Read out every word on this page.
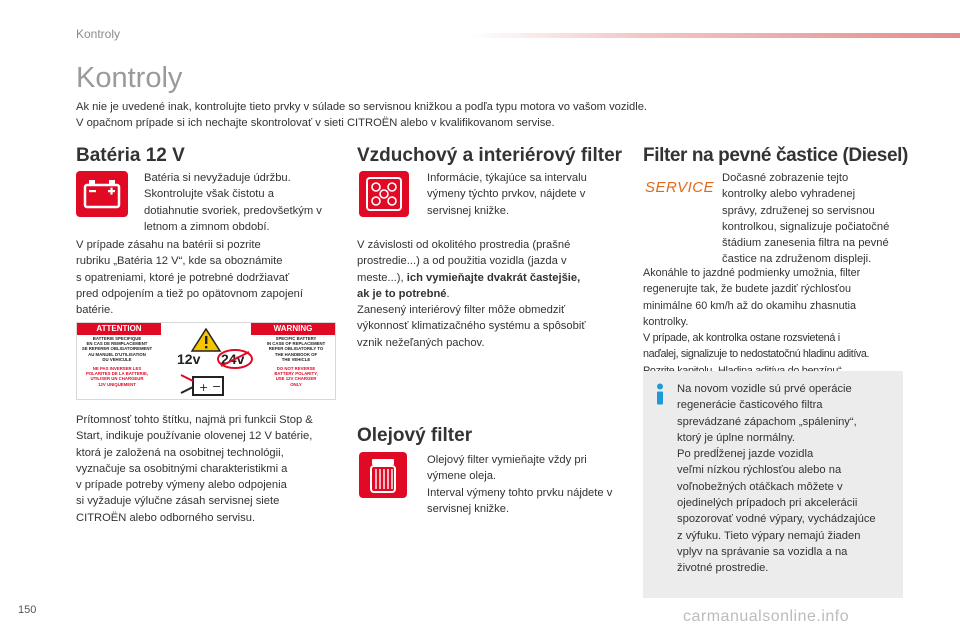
Kontroly
Kontroly
Ak nie je uvedené inak, kontrolujte tieto prvky v súlade so servisnou knižkou a podľa typu motora vo vašom vozidle.
V opačnom prípade si ich nechajte skontrolovať v sieti CITROËN alebo v kvalifikovanom servise.
Batéria 12 V
Batéria si nevyžaduje údržbu.
Skontrolujte však čistotu a
dotiahnutie svoriek, predovšetkým v
letnom a zimnom období.
V prípade zásahu na batérii si pozrite
rubriku „Batéria 12 V“, kde sa oboznámite
s opatreniami, ktoré je potrebné dodržiavať
pred odpojením a tiež po opätovnom zapojení
batérie.
ATTENTION	WARNING
BATTERIE SPECIFIQUE
EN CAS DE REMPLACEMENT
SE REFERER OBLIGATOIREMENT
AU MANUEL D'UTILISATION
DU VEHICULE
NE PAS INVERSER LES
POLARITES DE LA BATTERIE,
UTILISER UN CHARGEUR
12V UNIQUEMENT
SPECIFIC BATTERY
IN CASE OF REPLACEMENT
REFER OBLIGATORILY TO
THE HANDBOOK OF
THE VEHICLE
DO NOT REVERSE
BATTERY POLARITY,
USE 12V CHARGER
ONLY
12v 24v
+ −
Prítomnosť tohto štítku, najmä pri funkcii Stop &
Start, indikuje používanie olovenej 12 V batérie,
ktorá je založená na osobitnej technológii,
vyznačuje sa osobitnými charakteristikmi a
v prípade potreby výmeny alebo odpojenia
si vyžaduje výlučne zásah servisnej siete
CITROËN alebo odborného servisu.
Vzduchový a interiérový filter
Informácie, týkajúce sa intervalu
výmeny týchto prvkov, nájdete v
servisnej knižke.
V závislosti od okolitého prostredia (prašné
prostredie...) a od použitia vozidla (jazda v
meste...), ich vymieňajte dvakrát častejšie,
ak je to potrebné.
Zanesený interiérový filter môže obmedziť
výkonnosť klimatizačného systému a spôsobiť
vznik nežeľaných pachov.
Olejový filter
Olejový filter vymieňajte vždy pri
výmene oleja.
Interval výmeny tohto prvku nájdete v
servisnej knižke.
Filter na pevné častice (Diesel)
SERVICE
Dočasné zobrazenie tejto
kontrolky alebo vyhradenej
správy, združenej so servisnou
kontrolkou, signalizuje počiatočné
štádium zanesenia filtra na pevné
častice na združenom displeji.
Akonáhle to jazdné podmienky umožnia, filter
regenerujte tak, že budete jazdiť rýchlosťou
minimálne 60 km/h až do okamihu zhasnutia
kontrolky.
V prípade, ak kontrolka ostane rozsvietená i
naďalej, signalizuje to nedostatočnú hladinu aditíva.
Na novom vozidle sú prvé operácie
regenerácie časticového filtra
sprevádzané zápachom „spáleniny“,
ktorý je úplne normálny.
Po predĺženej jazde vozidla
veľmi nízkou rýchlosťou alebo na
voľnobežných otáčkach môžete v
ojedinelých prípadoch pri akcelerácii
spozorovať vodné výpary, vychádzajúce
z výfuku. Tieto výpary nemajú žiaden
vplyv na správanie sa vozidla a na
životné prostredie.
150	carmanualsonline.info
